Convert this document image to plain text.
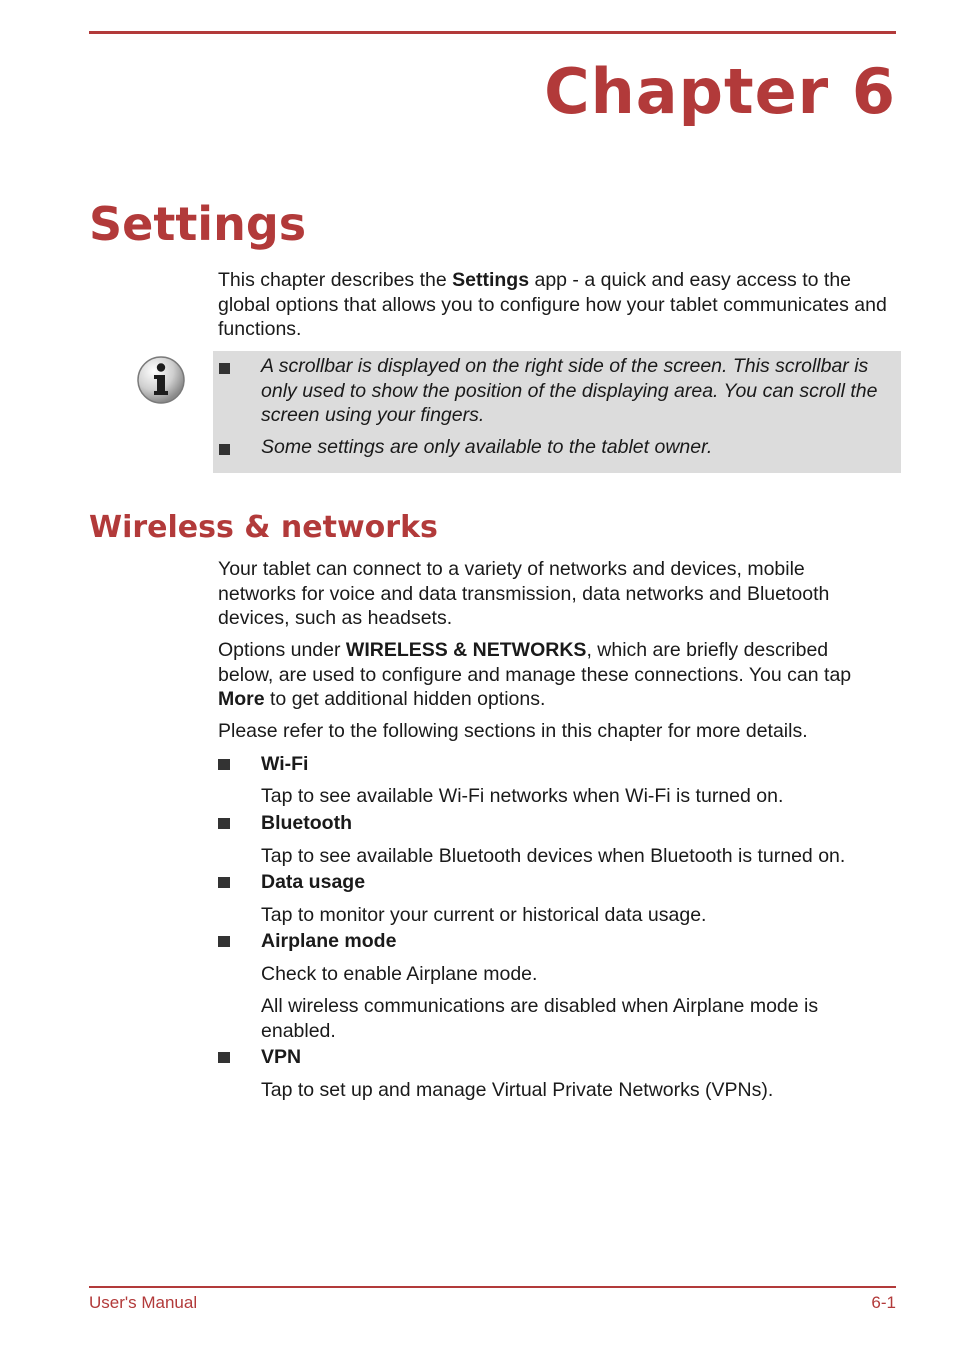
Chapter 6
Settings

This chapter describes the Settings app - a quick and easy access to the global options that allows you to configure how your tablet communicates and functions.

A scrollbar is displayed on the right side of the screen. This scrollbar is only used to show the position of the displaying area. You can scroll the screen using your fingers.

Some settings are only available to the tablet owner.

Wireless & networks

Your tablet can connect to a variety of networks and devices, mobile networks for voice and data transmission, data networks and Bluetooth devices, such as headsets.

Options under WIRELESS & NETWORKS, which are briefly described below, are used to configure and manage these connections. You can tap More to get additional hidden options.

Please refer to the following sections in this chapter for more details.

Wi-Fi

Tap to see available Wi-Fi networks when Wi-Fi is turned on.

Bluetooth

Tap to see available Bluetooth devices when Bluetooth is turned on.

Data usage

Tap to monitor your current or historical data usage.

Airplane mode

Check to enable Airplane mode.

All wireless communications are disabled when Airplane mode is enabled.

VPN

Tap to set up and manage Virtual Private Networks (VPNs).

User's Manual	6-1
